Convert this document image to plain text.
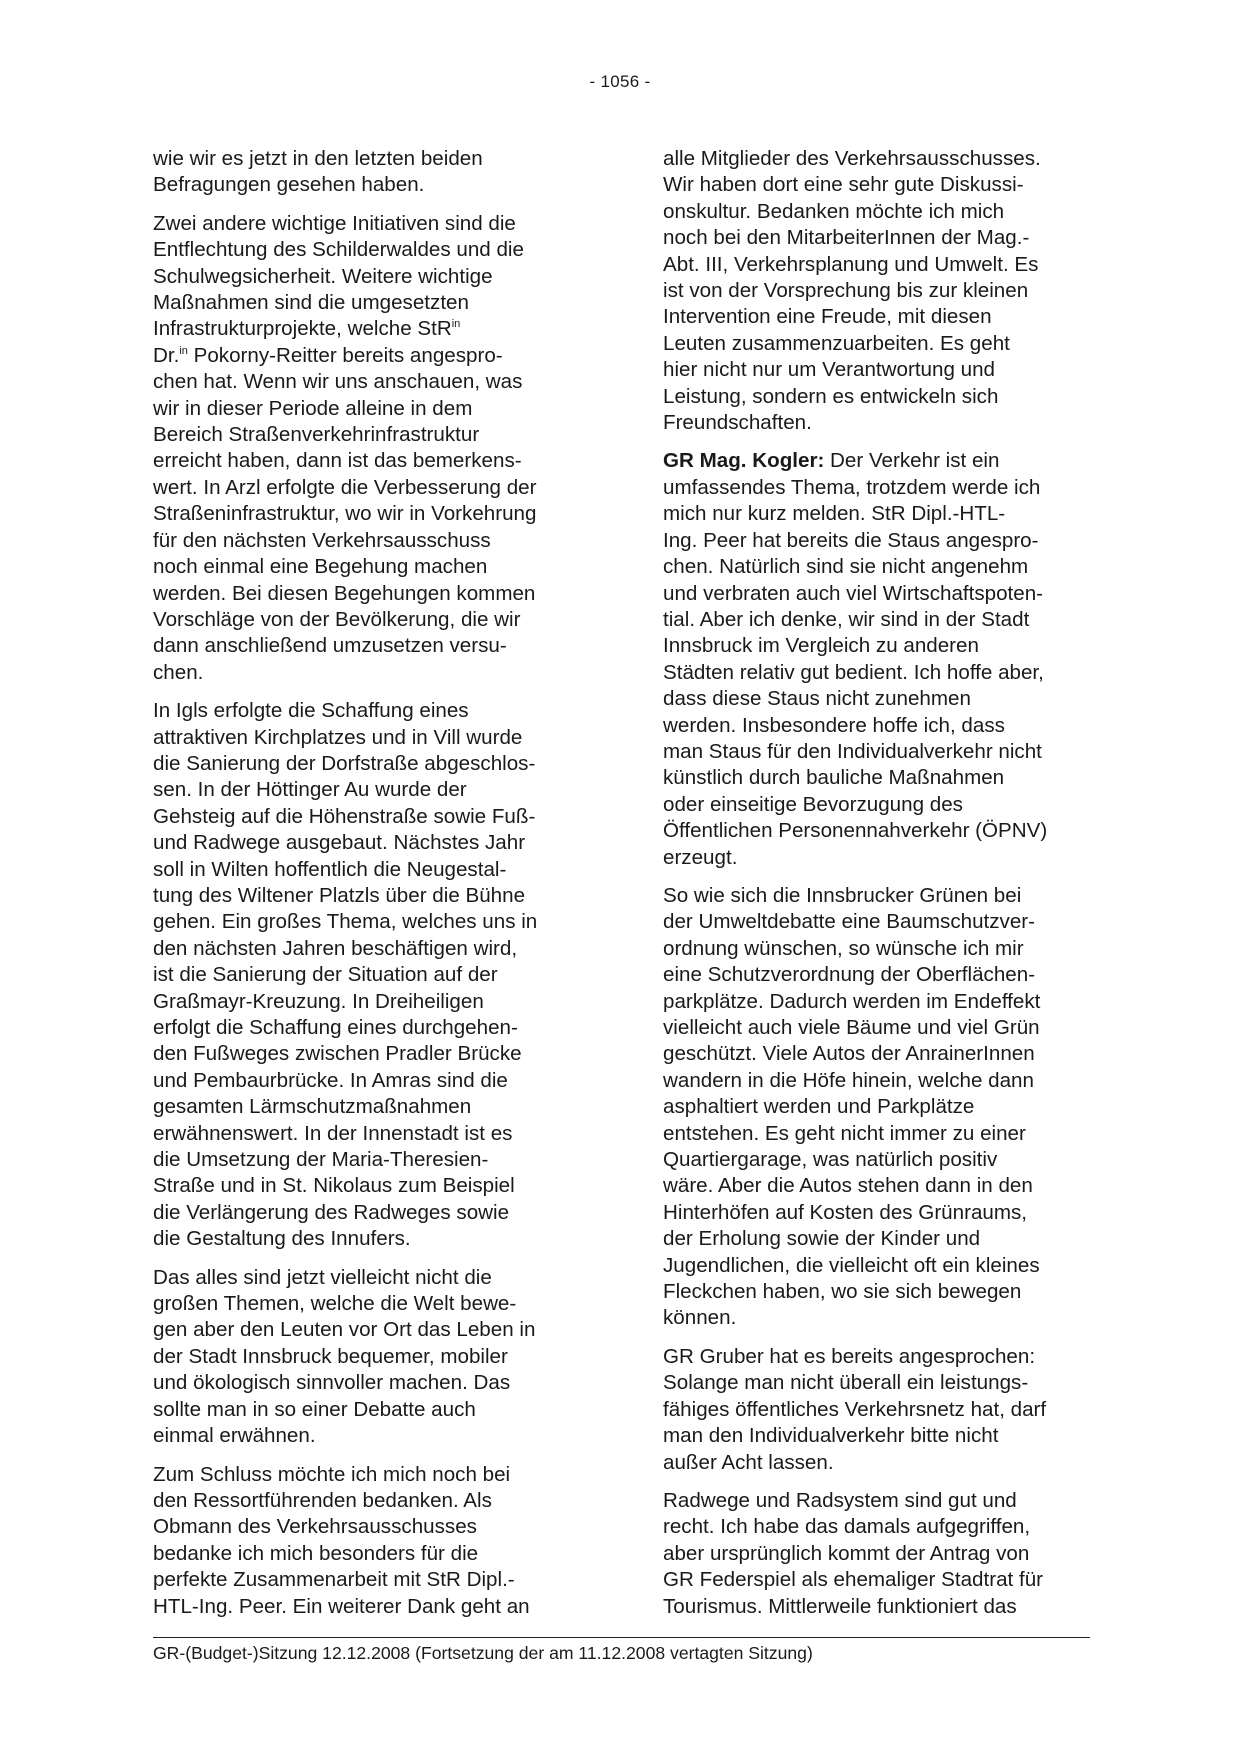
- 1056 -
wie wir es jetzt in den letzten beiden
Befragungen gesehen haben.
Zwei andere wichtige Initiativen sind die
Entflechtung des Schilderwaldes und die
Schulwegsicherheit. Weitere wichtige
Maßnahmen sind die umgesetzten
Infrastrukturprojekte, welche StR$^{in}$
Dr.$^{in}$ Pokorny-Reitter bereits angespro-
chen hat. Wenn wir uns anschauen, was
wir in dieser Periode alleine in dem
Bereich Straßenverkehrinfrastruktur
erreicht haben, dann ist das bemerkens-
wert. In Arzl erfolgte die Verbesserung der
Straßeninfrastruktur, wo wir in Vorkehrung
für den nächsten Verkehrsausschuss
noch einmal eine Begehung machen
werden. Bei diesen Begehungen kommen
Vorschläge von der Bevölkerung, die wir
dann anschließend umzusetzen versu-
chen.
In Igls erfolgte die Schaffung eines
attraktiven Kirchplatzes und in Vill wurde
die Sanierung der Dorfstraße abgeschlos-
sen. In der Höttinger Au wurde der
Gehsteig auf die Höhenstraße sowie Fuß-
und Radwege ausgebaut. Nächstes Jahr
soll in Wilten hoffentlich die Neugestal-
tung des Wiltener Platzls über die Bühne
gehen. Ein großes Thema, welches uns in
den nächsten Jahren beschäftigen wird,
ist die Sanierung der Situation auf der
Graßmayr-Kreuzung. In Dreiheiligen
erfolgt die Schaffung eines durchgehen-
den Fußweges zwischen Pradler Brücke
und Pembaurbrücke. In Amras sind die
gesamten Lärmschutzmaßnahmen
erwähnenswert. In der Innenstadt ist es
die Umsetzung der Maria-Theresien-
Straße und in St. Nikolaus zum Beispiel
die Verlängerung des Radweges sowie
die Gestaltung des Innufers.
Das alles sind jetzt vielleicht nicht die
großen Themen, welche die Welt bewe-
gen aber den Leuten vor Ort das Leben in
der Stadt Innsbruck bequemer, mobiler
und ökologisch sinnvoller machen. Das
sollte man in so einer Debatte auch
einmal erwähnen.
Zum Schluss möchte ich mich noch bei
den Ressortführenden bedanken. Als
Obmann des Verkehrsausschusses
bedanke ich mich besonders für die
perfekte Zusammenarbeit mit StR Dipl.-
HTL-Ing. Peer. Ein weiterer Dank geht an
alle Mitglieder des Verkehrsausschusses.
Wir haben dort eine sehr gute Diskussi-
onskultur. Bedanken möchte ich mich
noch bei den MitarbeiterInnen der Mag.-
Abt. III, Verkehrsplanung und Umwelt. Es
ist von der Vorsprechung bis zur kleinen
Intervention eine Freude, mit diesen
Leuten zusammenzuarbeiten. Es geht
hier nicht nur um Verantwortung und
Leistung, sondern es entwickeln sich
Freundschaften.
GR Mag. Kogler: Der Verkehr ist ein
umfassendes Thema, trotzdem werde ich
mich nur kurz melden. StR Dipl.-HTL-
Ing. Peer hat bereits die Staus angespro-
chen. Natürlich sind sie nicht angenehm
und verbraten auch viel Wirtschaftspoten-
tial. Aber ich denke, wir sind in der Stadt
Innsbruck im Vergleich zu anderen
Städten relativ gut bedient. Ich hoffe aber,
dass diese Staus nicht zunehmen
werden. Insbesondere hoffe ich, dass
man Staus für den Individualverkehr nicht
künstlich durch bauliche Maßnahmen
oder einseitige Bevorzugung des
Öffentlichen Personennahverkehr (ÖPNV)
erzeugt.
So wie sich die Innsbrucker Grünen bei
der Umweltdebatte eine Baumschutzver-
ordnung wünschen, so wünsche ich mir
eine Schutzverordnung der Oberflächen-
parkplätze. Dadurch werden im Endeffekt
vielleicht auch viele Bäume und viel Grün
geschützt. Viele Autos der AnrainerInnen
wandern in die Höfe hinein, welche dann
asphaltiert werden und Parkplätze
entstehen. Es geht nicht immer zu einer
Quartiergarage, was natürlich positiv
wäre. Aber die Autos stehen dann in den
Hinterhöfen auf Kosten des Grünraums,
der Erholung sowie der Kinder und
Jugendlichen, die vielleicht oft ein kleines
Fleckchen haben, wo sie sich bewegen
können.
GR Gruber hat es bereits angesprochen:
Solange man nicht überall ein leistungs-
fähiges öffentliches Verkehrsnetz hat, darf
man den Individualverkehr bitte nicht
außer Acht lassen.
Radwege und Radsystem sind gut und
recht. Ich habe das damals aufgegriffen,
aber ursprünglich kommt der Antrag von
GR Federspiel als ehemaliger Stadtrat für
Tourismus. Mittlerweile funktioniert das
GR-(Budget-)Sitzung 12.12.2008 (Fortsetzung der am 11.12.2008 vertagten Sitzung)
